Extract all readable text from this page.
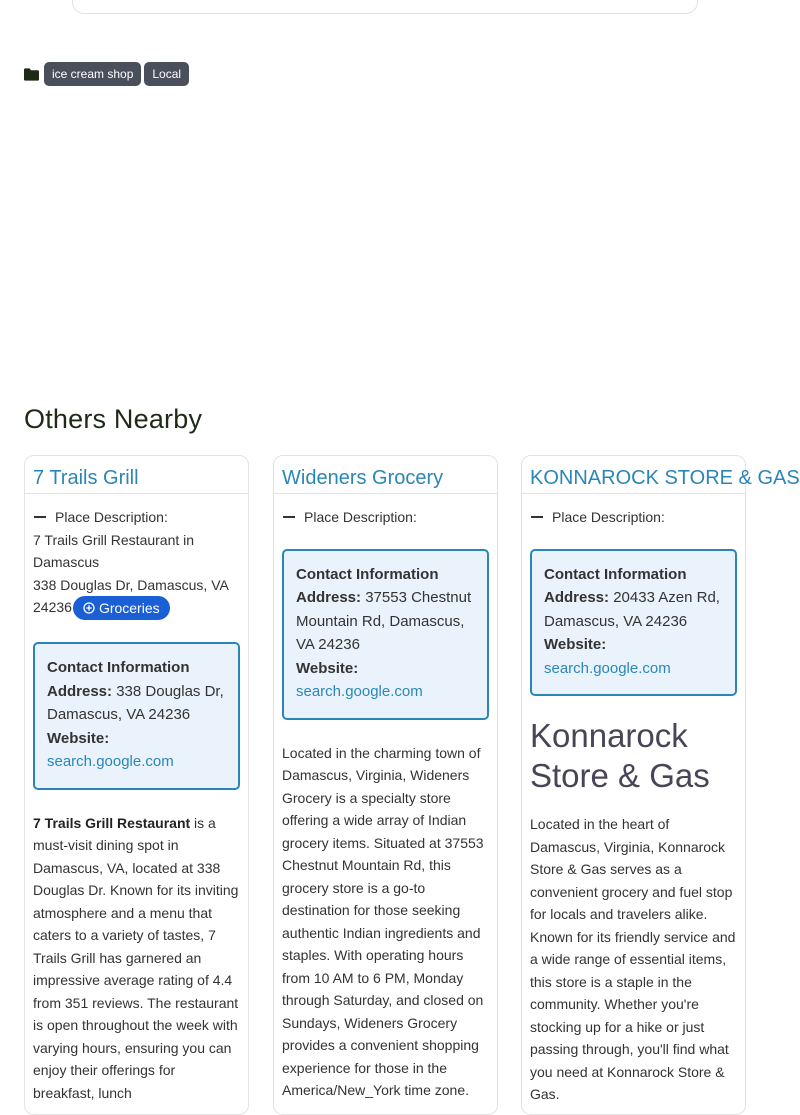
ice cream shop	Local
Others Nearby
7 Trails Grill
Place Description:
7 Trails Grill Restaurant in Damascus
338 Douglas Dr, Damascus, VA 24236 Groceries
Contact Information
Address: 338 Douglas Dr, Damascus, VA 24236
Website:
search.google.com
7 Trails Grill Restaurant is a must-visit dining spot in Damascus, VA, located at 338 Douglas Dr. Known for its inviting atmosphere and a menu that caters to a variety of tastes, 7 Trails Grill has garnered an impressive average rating of 4.4 from 351 reviews. The restaurant is open throughout the week with varying hours, ensuring you can enjoy their offerings for breakfast, lunch
Wideners Grocery
Place Description:
Contact Information
Address: 37553 Chestnut Mountain Rd, Damascus, VA 24236
Website:
search.google.com
Located in the charming town of Damascus, Virginia, Wideners Grocery is a specialty store offering a wide array of Indian grocery items. Situated at 37553 Chestnut Mountain Rd, this grocery store is a go-to destination for those seeking authentic Indian ingredients and staples. With operating hours from 10 AM to 6 PM, Monday through Saturday, and closed on Sundays, Wideners Grocery provides a convenient shopping experience for those in the America/New_York time zone.
KONNAROCK STORE & GAS
Place Description:
Contact Information
Address: 20433 Azen Rd, Damascus, VA 24236
Website:
search.google.com
Konnarock Store & Gas
Located in the heart of Damascus, Virginia, Konnarock Store & Gas serves as a convenient grocery and fuel stop for locals and travelers alike. Known for its friendly service and a wide range of essential items, this store is a staple in the community. Whether you're stocking up for a hike or just passing through, you'll find what you need at Konnarock Store & Gas.
